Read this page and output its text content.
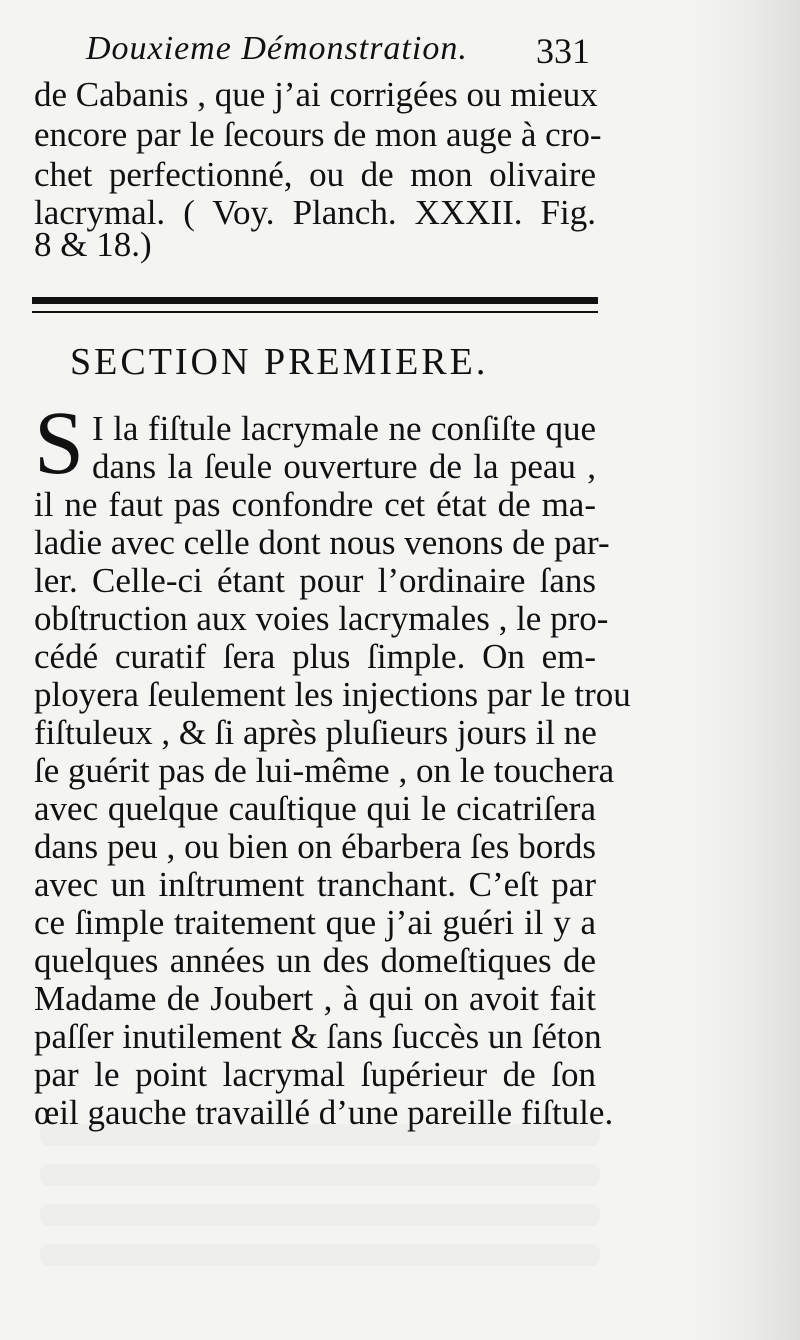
Douxieme Démonstration.	331
de Cabanis , que j’ai corrigées ou mieux
encore par le ſecours de mon auge à cro-
chet perfectionné, ou de mon olivaire
lacrymal. ( Voy. Planch. XXXII. Fig.
8 & 18.)
SECTION PREMIERE.
S I la fiſtule lacrymale ne conſiſte que
dans la ſeule ouverture de la peau ,
il ne faut pas confondre cet état de ma-
ladie avec celle dont nous venons de par-
ler. Celle-ci étant pour l’ordinaire ſans
obſtruction aux voies lacrymales , le pro-
cédé curatif ſera plus ſimple. On em-
ployera ſeulement les injections par le trou
fiſtuleux , & ſi après pluſieurs jours il ne
ſe guérit pas de lui-même , on le touchera
avec quelque cauſtique qui le cicatriſera
dans peu , ou bien on ébarbera ſes bords
avec un inſtrument tranchant. C’eſt par
ce ſimple traitement que j’ai guéri il y a
quelques années un des domeſtiques de
Madame de Joubert , à qui on avoit fait
paſſer inutilement & ſans ſuccès un ſéton
par le point lacrymal ſupérieur de ſon
œil gauche travaillé d’une pareille fiſtule.
